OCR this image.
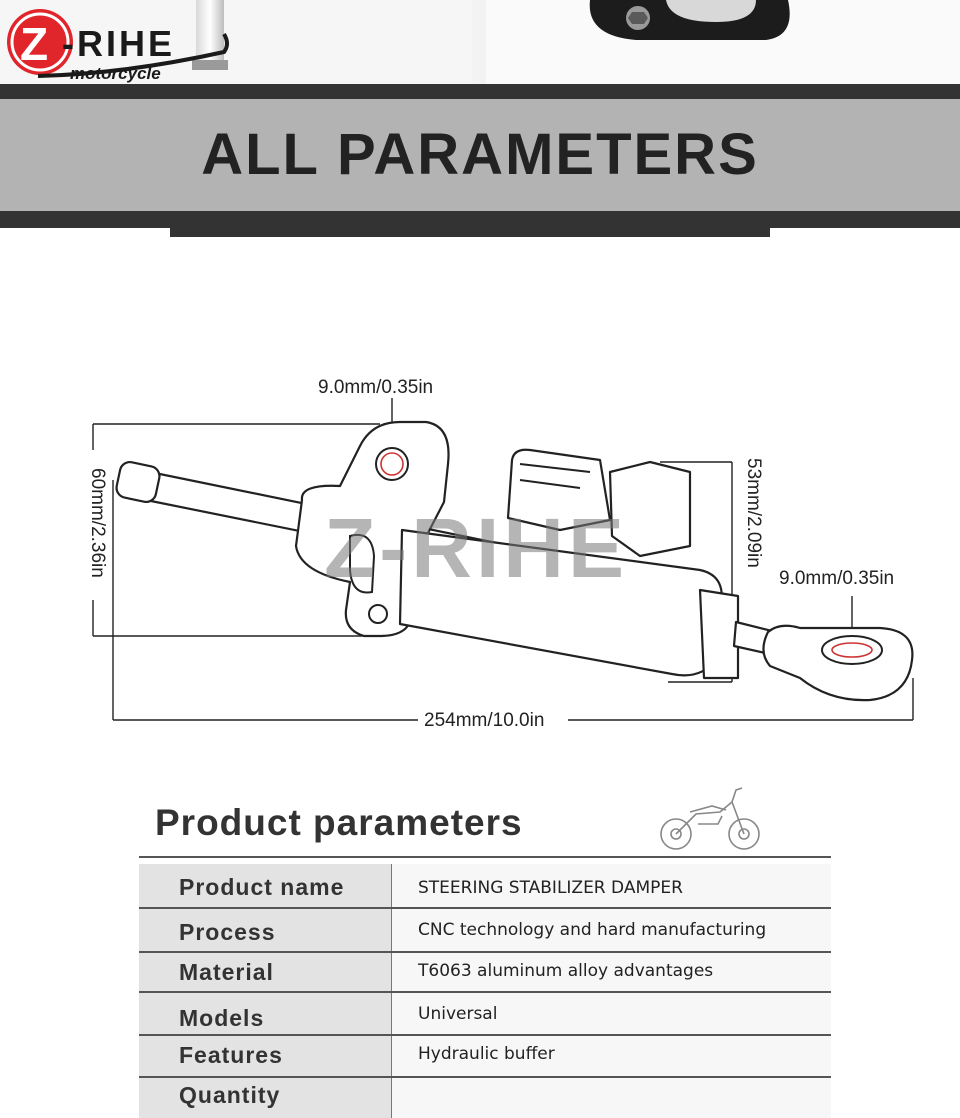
Z -RIHE
motorcycle
ALL PARAMETERS
Z-RIHE
9.0mm/0.35in
9.0mm/0.35in
254mm/10.0in
60mm/2.36in	53mm/2.09in
Product parameters
Product name	STEERING STABILIZER DAMPER
Process	CNC technology and hard manufacturing
Material	T6063 aluminum alloy advantages
Models	Universal
Features	Hydraulic buffer
Quantity
